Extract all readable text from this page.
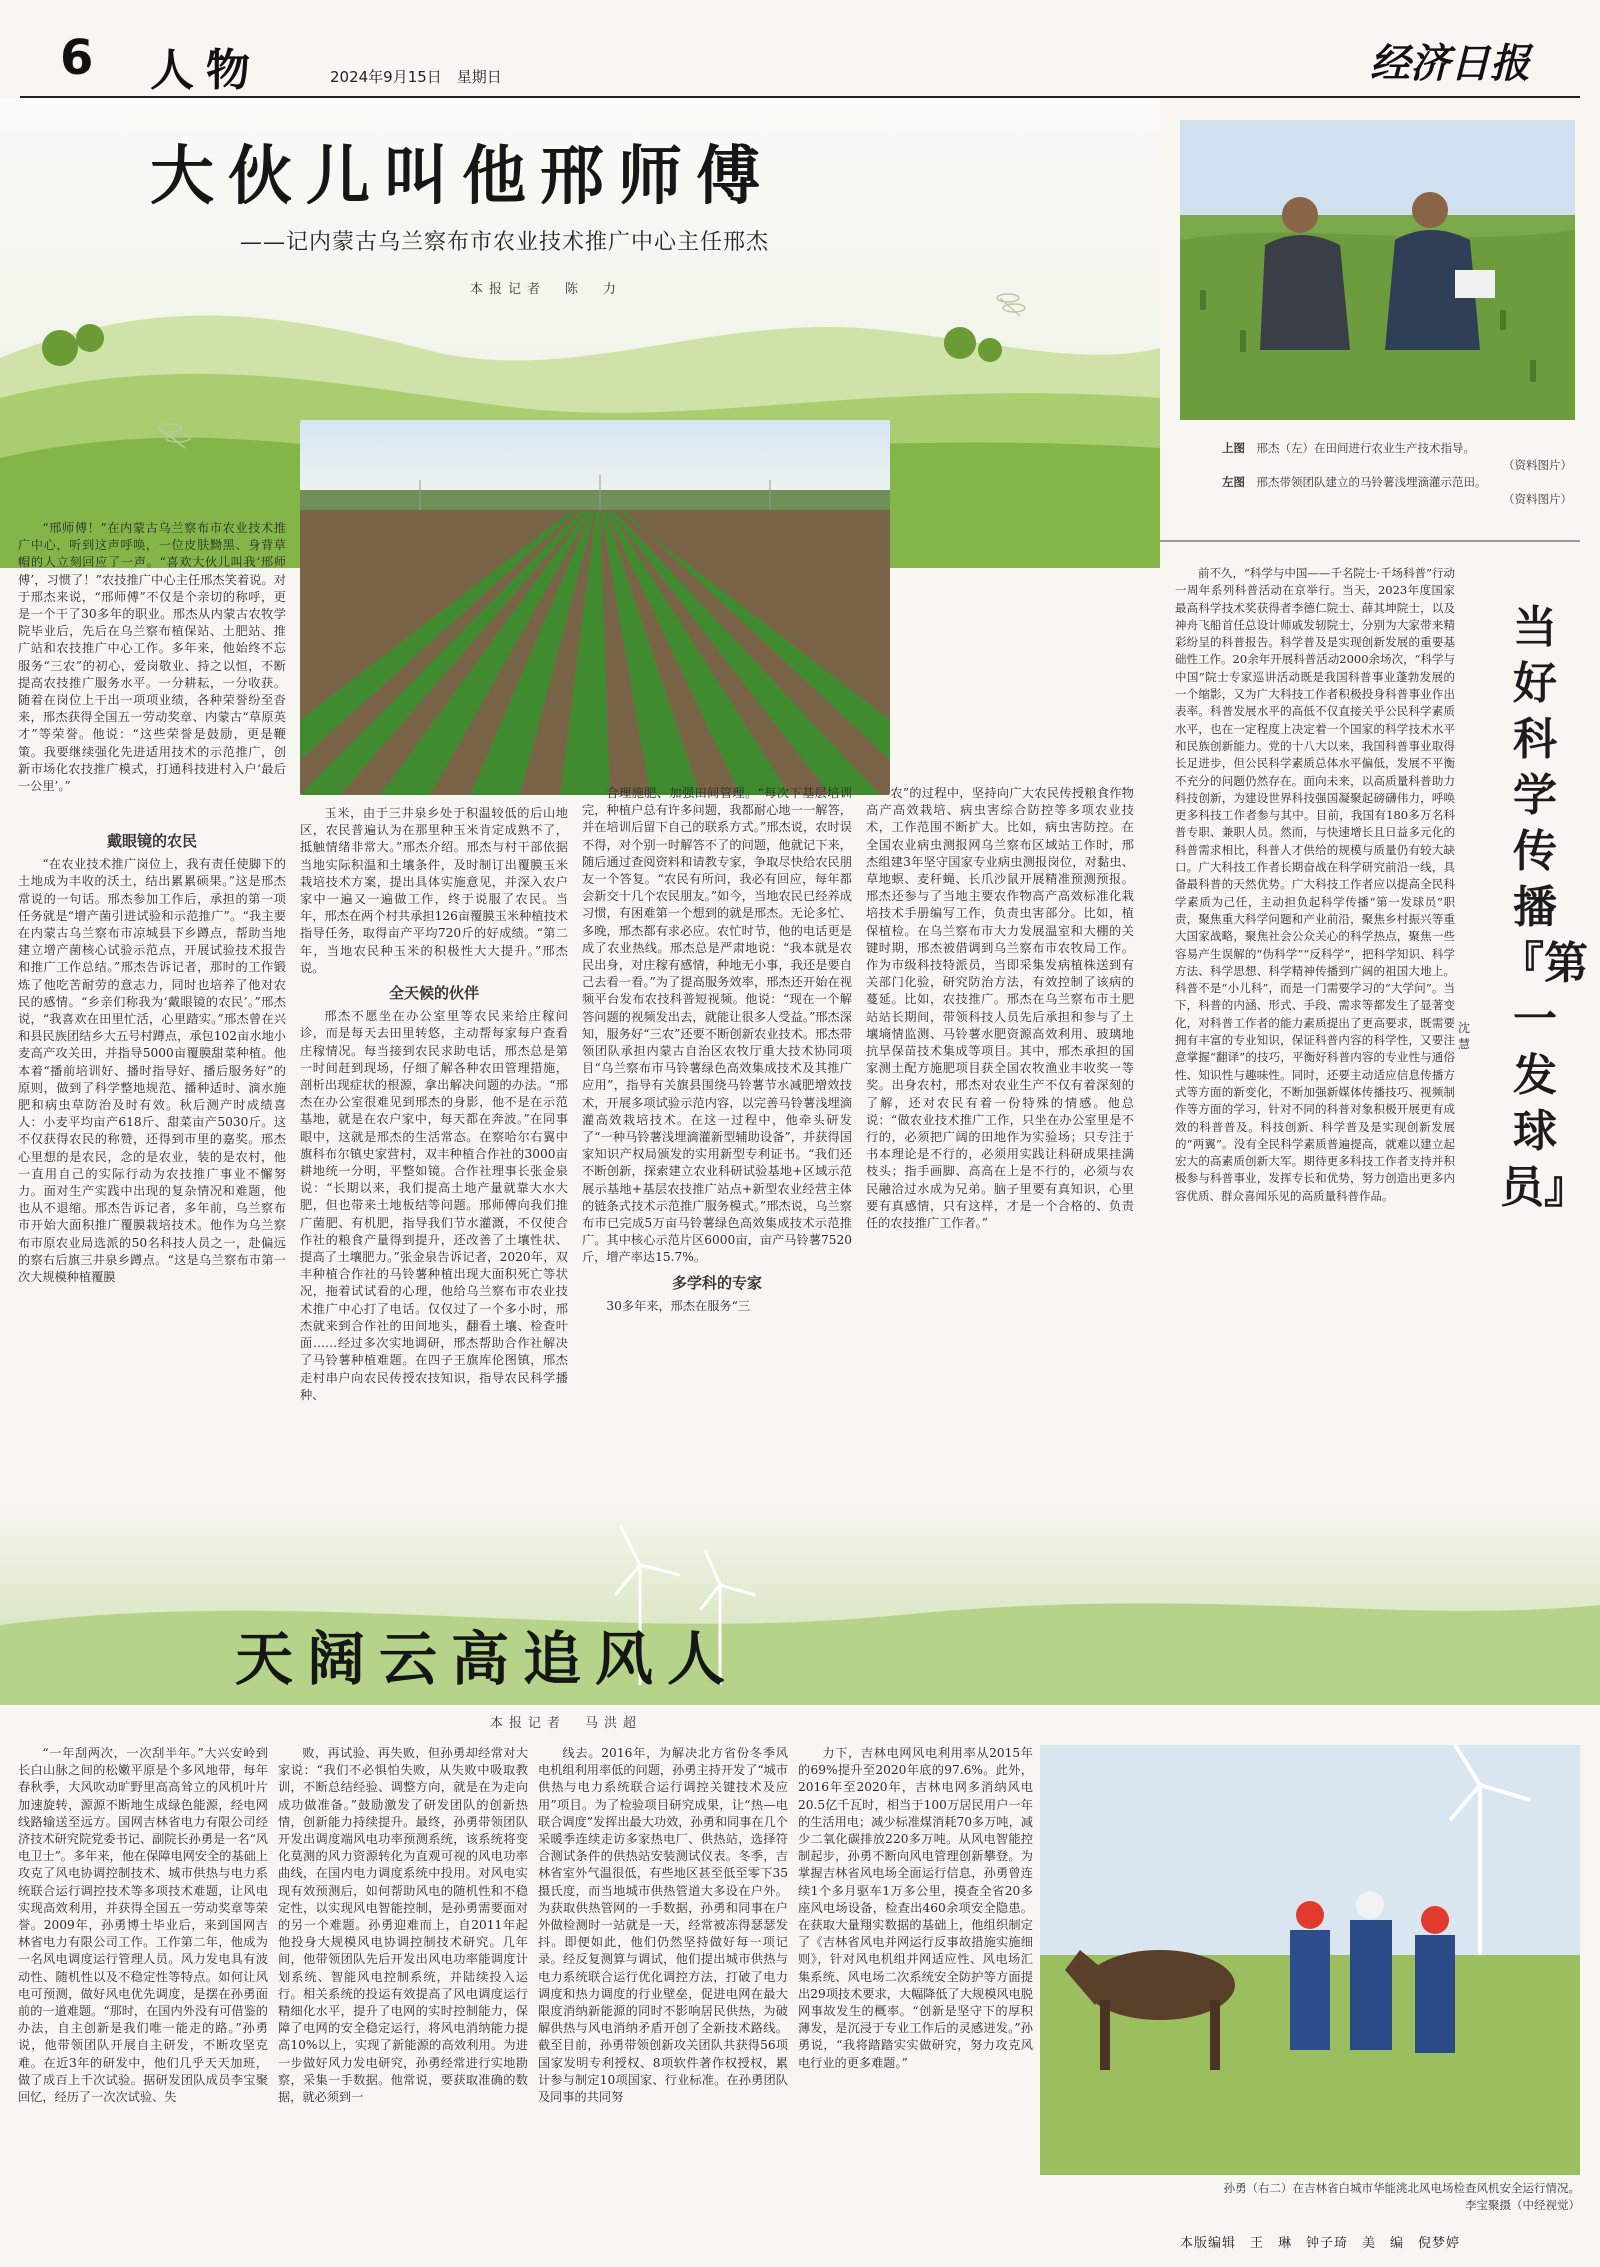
6 人物	2024年9月15日　星期日	经济日报
大伙儿叫他邢师傅
——记内蒙古乌兰察布市农业技术推广中心主任邢杰
本报记者　陈　力
上图　 邢杰（左）在田间进行农业生产技术指导。
（资料图片）
左图　 邢杰带领团队建立的马铃薯浅埋滴灌示范田。
（资料图片）

“邢师傅！”在内蒙古乌兰察布市农业技术推广中心，听到这声呼唤，一位皮肤黝黑、身背草帽的人立刻回应了一声。“喜欢大伙儿叫我‘邢师傅’，习惯了！”农技推广中心主任邢杰笑着说。对于邢杰来说，“邢师傅”不仅是个亲切的称呼，更是一个干了30多年的职业。邢杰从内蒙古农牧学院毕业后，先后在乌兰察布植保站、土肥站、推广站和农技推广中心工作。多年来，他始终不忘服务“三农”的初心，爱岗敬业、持之以恒，不断提高农技推广服务水平。一分耕耘，一分收获。随着在岗位上干出一项项业绩，各种荣誉纷至沓来，邢杰获得全国五一劳动奖章、内蒙古“草原英才”等荣誉。他说：“这些荣誉是鼓励，更是鞭策。我要继续强化先进适用技术的示范推广，创新市场化农技推广模式，打通科技进村入户‘最后一公里’。”

戴眼镜的农民

“在农业技术推广岗位上，我有责任使脚下的土地成为丰收的沃土，结出累累硕果。”这是邢杰常说的一句话。邢杰参加工作后，承担的第一项任务就是“增产菌引进试验和示范推广”。“我主要在内蒙古乌兰察布市凉城县下乡蹲点，帮助当地建立增产菌核心试验示范点，开展试验技术报告和推广工作总结。”邢杰告诉记者，那时的工作锻炼了他吃苦耐劳的意志力，同时也培养了他对农民的感情。“乡亲们称我为‘戴眼镜的农民’。”邢杰说，“我喜欢在田里忙活，心里踏实。”邢杰曾在兴和县民族团结乡大五号村蹲点，承包102亩水地小麦高产攻关田，并指导5000亩覆膜甜菜种植。他本着“播前培训好、播时指导好、播后服务好”的原则，做到了科学整地规范、播种适时、滴水施肥和病虫草防治及时有效。秋后测产时成绩喜人：小麦平均亩产618斤、甜菜亩产5030斤。这不仅获得农民的称赞，还得到市里的嘉奖。邢杰心里想的是农民，念的是农业，装的是农村，他一直用自己的实际行动为农技推广事业不懈努力。面对生产实践中出现的复杂情况和难题，他也从不退缩。邢杰告诉记者，多年前，乌兰察布市开始大面积推广覆膜栽培技术。他作为乌兰察布市原农业局选派的50名科技人员之一，赴偏远的察右后旗三井泉乡蹲点。“这是乌兰察布市第一次大规模种植覆膜

玉米，由于三井泉乡处于积温较低的后山地区，农民普遍认为在那里种玉米肯定成熟不了，抵触情绪非常大。”邢杰介绍。邢杰与村干部依据当地实际积温和土壤条件，及时制订出覆膜玉米栽培技术方案，提出具体实施意见，并深入农户家中一遍又一遍做工作，终于说服了农民。当年，邢杰在两个村共承担126亩覆膜玉米种植技术指导任务，取得亩产平均720斤的好成绩。“第二年，当地农民种玉米的积极性大大提升。”邢杰说。

全天候的伙伴

邢杰不愿坐在办公室里等农民来给庄稼问诊，而是每天去田里转悠，主动帮每家每户查看庄稼情况。每当接到农民求助电话，邢杰总是第一时间赶到现场，仔细了解各种农田管理措施，剖析出现症状的根源，拿出解决问题的办法。“邢杰在办公室很难见到邢杰的身影，他不是在示范基地，就是在农户家中，每天都在奔波。”在同事眼中，这就是邢杰的生活常态。在察哈尔右翼中旗科布尔镇史家营村，双丰种植合作社的3000亩耕地统一分明，平整如镜。合作社理事长张金泉说：“长期以来，我们提高土地产量就靠大水大肥，但也带来土地板结等问题。邢师傅向我们推广菌肥、有机肥，指导我们节水灌溉，不仅使合作社的粮食产量得到提升，还改善了土壤性状、提高了土壤肥力。”张金泉告诉记者，2020年，双丰种植合作社的马铃薯种植出现大面积死亡等状况，拖着试试看的心理，他给乌兰察布市农业技术推广中心打了电话。仅仅过了一个多小时，邢杰就来到合作社的田间地头，翻看土壤、检查叶面……经过多次实地调研，邢杰帮助合作社解决了马铃薯种植难题。在四子王旗库伦图镇，邢杰走村串户向农民传授农技知识，指导农民科学播种、

合理施肥、加强田间管理。“每次下基层培训完，种植户总有许多问题，我都耐心地一一解答，并在培训后留下自己的联系方式。”邢杰说，农时误不得，对个别一时解答不了的问题，他就记下来，随后通过查阅资料和请教专家，争取尽快给农民朋友一个答复。“农民有所问，我必有回应，每年都会新交十几个农民朋友。”如今，当地农民已经养成习惯，有困难第一个想到的就是邢杰。无论多忙、多晚，邢杰都有求必应。农忙时节，他的电话更是成了农业热线。邢杰总是严肃地说：“我本就是农民出身，对庄稼有感情，种地无小事，我还是要自己去看一看。”为了提高服务效率，邢杰还开始在视频平台发布农技科普短视频。他说：“现在一个解答问题的视频发出去，就能让很多人受益。”邢杰深知，服务好“三农”还要不断创新农业技术。邢杰带领团队承担内蒙古自治区农牧厅重大技术协同项目“乌兰察布市马铃薯绿色高效集成技术及其推广应用”，指导有关旗县围绕马铃薯节水减肥增效技术，开展多项试验示范内容，以完善马铃薯浅埋滴灌高效栽培技术。在这一过程中，他牵头研发了“一种马铃薯浅埋滴灌新型辅助设备”，并获得国家知识产权局颁发的实用新型专利证书。“我们还不断创新，探索建立农业科研试验基地+区域示范展示基地+基层农技推广站点+新型农业经营主体的链条式技术示范推广服务模式。”邢杰说，乌兰察布市已完成5万亩马铃薯绿色高效集成技术示范推广。其中核心示范片区6000亩，亩产马铃薯7520斤，增产率达15.7%。

多学科的专家

30多年来，邢杰在服务“三

农”的过程中，坚持向广大农民传授粮食作物高产高效栽培、病虫害综合防控等多项农业技术，工作范围不断扩大。比如，病虫害防控。在全国农业病虫测报网乌兰察布区域站工作时，邢杰组建3年坚守国家专业病虫测报岗位，对黏虫、草地螟、麦秆蝇、长爪沙鼠开展精准预测预报。邢杰还参与了当地主要农作物高产高效标准化栽培技术手册编写工作，负责虫害部分。比如，植保植检。在乌兰察布市大力发展温室和大棚的关键时期，邢杰被借调到乌兰察布市农牧局工作。作为市级科技特派员，当即采集发病植株送到有关部门化验，研究防治方法，有效控制了该病的蔓延。比如，农技推广。邢杰在乌兰察布市土肥站站长期间，带领科技人员先后承担和参与了土壤墒情监测、马铃薯水肥资源高效利用、玻璃地抗旱保苗技术集成等项目。其中，邢杰承担的国家测土配方施肥项目获全国农牧渔业丰收奖一等奖。出身农村，邢杰对农业生产不仅有着深刻的了解，还对农民有着一份特殊的情感。他总说：“做农业技术推广工作，只坐在办公室里是不行的，必须把广阔的田地作为实验场；只专注于书本理论是不行的，必须用实践让科研成果挂满枝头；指手画脚、高高在上是不行的，必须与农民融洽过水成为兄弟。脑子里要有真知识，心里要有真感情，只有这样，才是一个合格的、负责任的农技推广工作者。”

当好科学传播『第一发球员』
沈　慧

前不久，“科学与中国——千名院士·千场科普”行动一周年系列科普活动在京举行。当天，2023年度国家最高科学技术奖获得者李德仁院士、薛其坤院士，以及神舟飞船首任总设计师戚发轫院士，分别为大家带来精彩纷呈的科普报告。科学普及是实现创新发展的重要基础性工作。20余年开展科普活动2000余场次，“科学与中国”院士专家巡讲活动既是我国科普事业蓬勃发展的一个缩影，又为广大科技工作者积极投身科普事业作出表率。科普发展水平的高低不仅直接关乎公民科学素质水平，也在一定程度上决定着一个国家的科学技术水平和民族创新能力。党的十八大以来，我国科普事业取得长足进步，但公民科学素质总体水平偏低，发展不平衡不充分的问题仍然存在。面向未来，以高质量科普助力科技创新，为建设世界科技强国凝聚起磅礴伟力，呼唤更多科技工作者参与其中。目前，我国有180多万名科普专职、兼职人员。然而，与快速增长且日益多元化的科普需求相比，科普人才供给的规模与质量仍有较大缺口。广大科技工作者长期奋战在科学研究前沿一线，具备最科普的天然优势。广大科技工作者应以提高全民科学素质为己任，主动担负起科学传播“第一发球员”职责，聚焦重大科学问题和产业前沿，聚焦乡村振兴等重大国家战略，聚焦社会公众关心的科学热点，聚焦一些容易产生误解的“伪科学”“反科学”，把科学知识、科学方法、科学思想、科学精神传播到广阔的祖国大地上。科普不是“小儿科”，而是一门需要学习的“大学问”。当下，科普的内涵、形式、手段、需求等都发生了显著变化，对科普工作者的能力素质提出了更高要求，既需要拥有丰富的专业知识，保证科普内容的科学性，又要注意掌握“翻译”的技巧，平衡好科普内容的专业性与通俗性、知识性与趣味性。同时，还要主动适应信息传播方式等方面的新变化，不断加强新媒体传播技巧、视频制作等方面的学习，针对不同的科普对象积极开展更有成效的科普普及。科技创新、科学普及是实现创新发展的“两翼”。没有全民科学素质普遍提高，就难以建立起宏大的高素质创新大军。期待更多科技工作者支持并积极参与科普事业，发挥专长和优势，努力创造出更多内容优质、群众喜闻乐见的高质量科普作品。

天阔云高追风人
本报记者　马洪超

“一年刮两次，一次刮半年。”大兴安岭到长白山脉之间的松嫩平原是个多风地带，每年春秋季，大风吹动旷野里高高耸立的风机叶片加速旋转，源源不断地生成绿色能源，经电网线路输送至远方。国网吉林省电力有限公司经济技术研究院党委书记、副院长孙勇是一名“风电卫士”。多年来，他在保障电网安全的基础上攻克了风电协调控制技术、城市供热与电力系统联合运行调控技术等多项技术难题，让风电实现高效利用，并获得全国五一劳动奖章等荣誉。2009年，孙勇博士毕业后，来到国网吉林省电力有限公司工作。工作第二年，他成为一名风电调度运行管理人员。风力发电具有波动性、随机性以及不稳定性等特点。如何让风电可预测，做好风电优先调度，是摆在孙勇面前的一道难题。“那时，在国内外没有可借鉴的办法，自主创新是我们唯一能走的路。”孙勇说，他带领团队开展自主研发，不断攻坚克难。在近3年的研发中，他们几乎天天加班，做了成百上千次试验。据研发团队成员李宝聚回忆，经历了一次次试验、失

败，再试验、再失败，但孙勇却经常对大家说：“我们不必惧怕失败，从失败中吸取教训，不断总结经验、调整方向，就是在为走向成功做准备。”鼓励激发了研发团队的创新热情，创新能力持续提升。最终，孙勇带领团队开发出调度端风电功率预测系统，该系统将变化莫测的风力资源转化为直观可视的风电功率曲线，在国内电力调度系统中投用。对风电实现有效预测后，如何帮助风电的随机性和不稳定性，以实现风电智能控制，是孙勇需要面对的另一个难题。孙勇迎难而上，自2011年起他投身大规模风电协调控制技术研究。几年间，他带领团队先后开发出风电功率能调度计划系统、智能风电控制系统，并陆续投入运行。相关系统的投运有效提高了风电调度运行精细化水平，提升了电网的实时控制能力，保障了电网的安全稳定运行，将风电消纳能力提高10%以上，实现了新能源的高效利用。为进一步做好风力发电研究，孙勇经常进行实地勘察，采集一手数据。他常说，要获取准确的数据，就必须到一

线去。2016年，为解决北方省份冬季风电机组利用率低的问题，孙勇主持开发了“城市供热与电力系统联合运行调控关键技术及应用”项目。为了检验项目研究成果，让“热—电联合调度”发挥出最大功效，孙勇和同事在几个采暖季连续走访多家热电厂、供热站，选择符合测试条件的供热站安装测试仪表。冬季，吉林省室外气温很低，有些地区甚至低至零下35摄氏度，而当地城市供热管道大多设在户外。为获取供热管网的一手数据，孙勇和同事在户外做检测时一站就是一天，经常被冻得瑟瑟发抖。即便如此，他们仍然坚持做好每一项记录。经反复测算与调试，他们提出城市供热与电力系统联合运行优化调控方法，打破了电力调度和热力调度的行业壁垒，促进电网在最大限度消纳新能源的同时不影响居民供热，为破解供热与风电消纳矛盾开创了全新技术路线。截至目前，孙勇带领创新攻关团队共获得56项国家发明专利授权、8项软件著作权授权，累计参与制定10项国家、行业标准。在孙勇团队及同事的共同努

力下，吉林电网风电利用率从2015年的69%提升至2020年底的97.6%。此外，2016年至2020年，吉林电网多消纳风电20.5亿千瓦时，相当于100万居民用户一年的生活用电；减少标准煤消耗70多万吨，减少二氧化碳排放220多万吨。从风电智能控制起步，孙勇不断向风电管理创新攀登。为掌握吉林省风电场全面运行信息，孙勇曾连续1个多月驱车1万多公里，摸查全省20多座风电场设备，检查出460余项安全隐患。在获取大量翔实数据的基础上，他组织制定了《吉林省风电并网运行反事故措施实施细则》，针对风电机组并网适应性、风电场汇集系统、风电场二次系统安全防护等方面提出29项技术要求，大幅降低了大规模风电脱网事故发生的概率。“创新是坚守下的厚积薄发，是沉浸于专业工作后的灵感迸发。”孙勇说，“我将踏踏实实做研究，努力攻克风电行业的更多难题。”

孙勇（右二）在吉林省白城市华能洮北风电场检查风机安全运行情况。
李宝聚摄（中经视觉）
本版编辑　王　琳　钟子琦　美　编　倪梦婷
